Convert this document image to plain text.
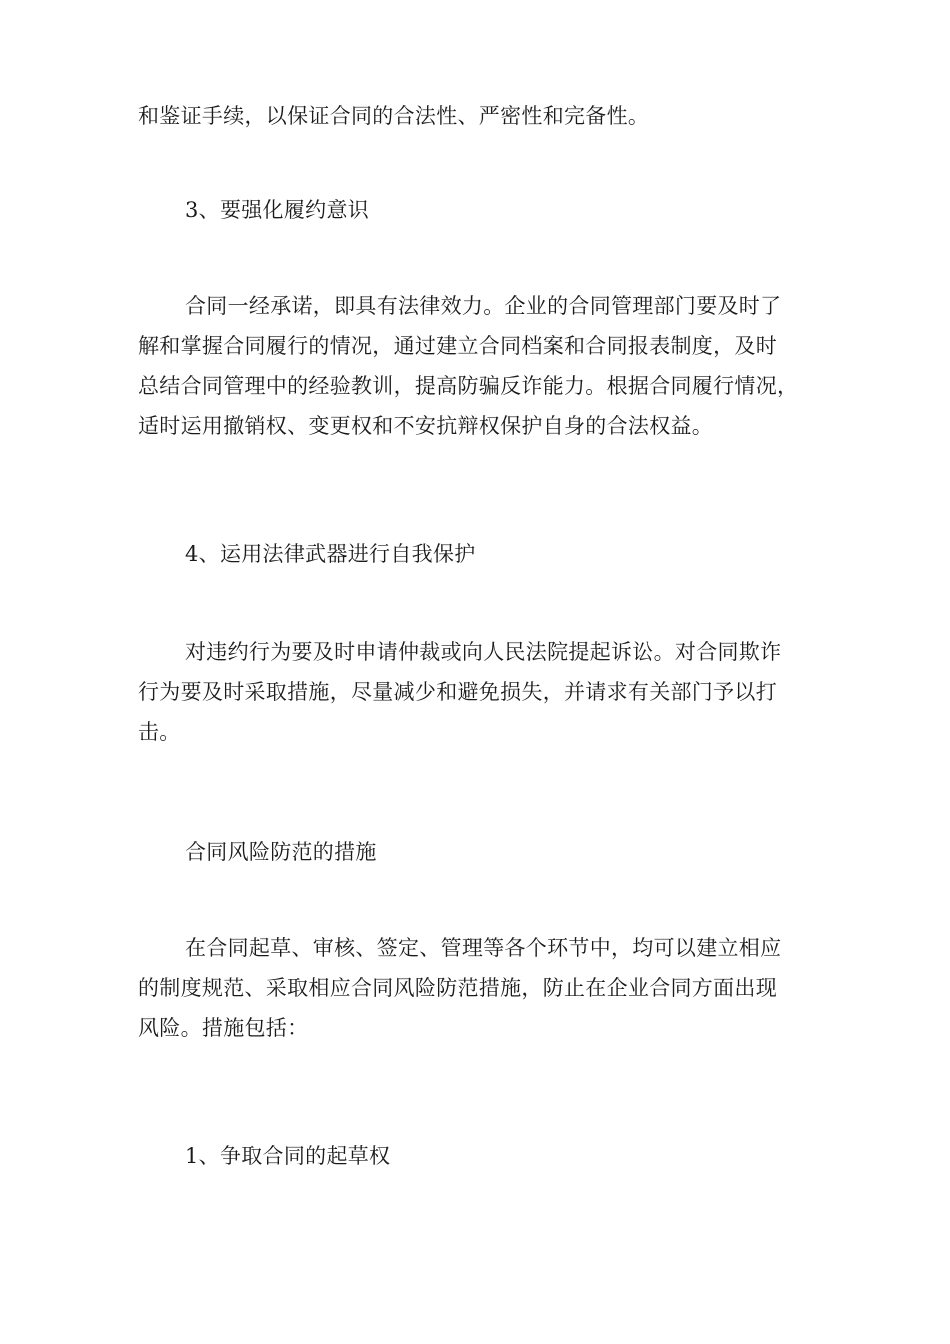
和鉴证手续，以保证合同的合法性、严密性和完备性。
3、要强化履约意识
合同一经承诺，即具有法律效力。企业的合同管理部门要及时了
解和掌握合同履行的情况，通过建立合同档案和合同报表制度，及时
总结合同管理中的经验教训，提高防骗反诈能力。根据合同履行情况，
适时运用撤销权、变更权和不安抗辩权保护自身的合法权益。
4、运用法律武器进行自我保护
对违约行为要及时申请仲裁或向人民法院提起诉讼。对合同欺诈
行为要及时采取措施，尽量减少和避免损失，并请求有关部门予以打
击。
合同风险防范的措施
在合同起草、审核、签定、管理等各个环节中，均可以建立相应
的制度规范、采取相应合同风险防范措施，防止在企业合同方面出现
风险。措施包括：
1、争取合同的起草权
